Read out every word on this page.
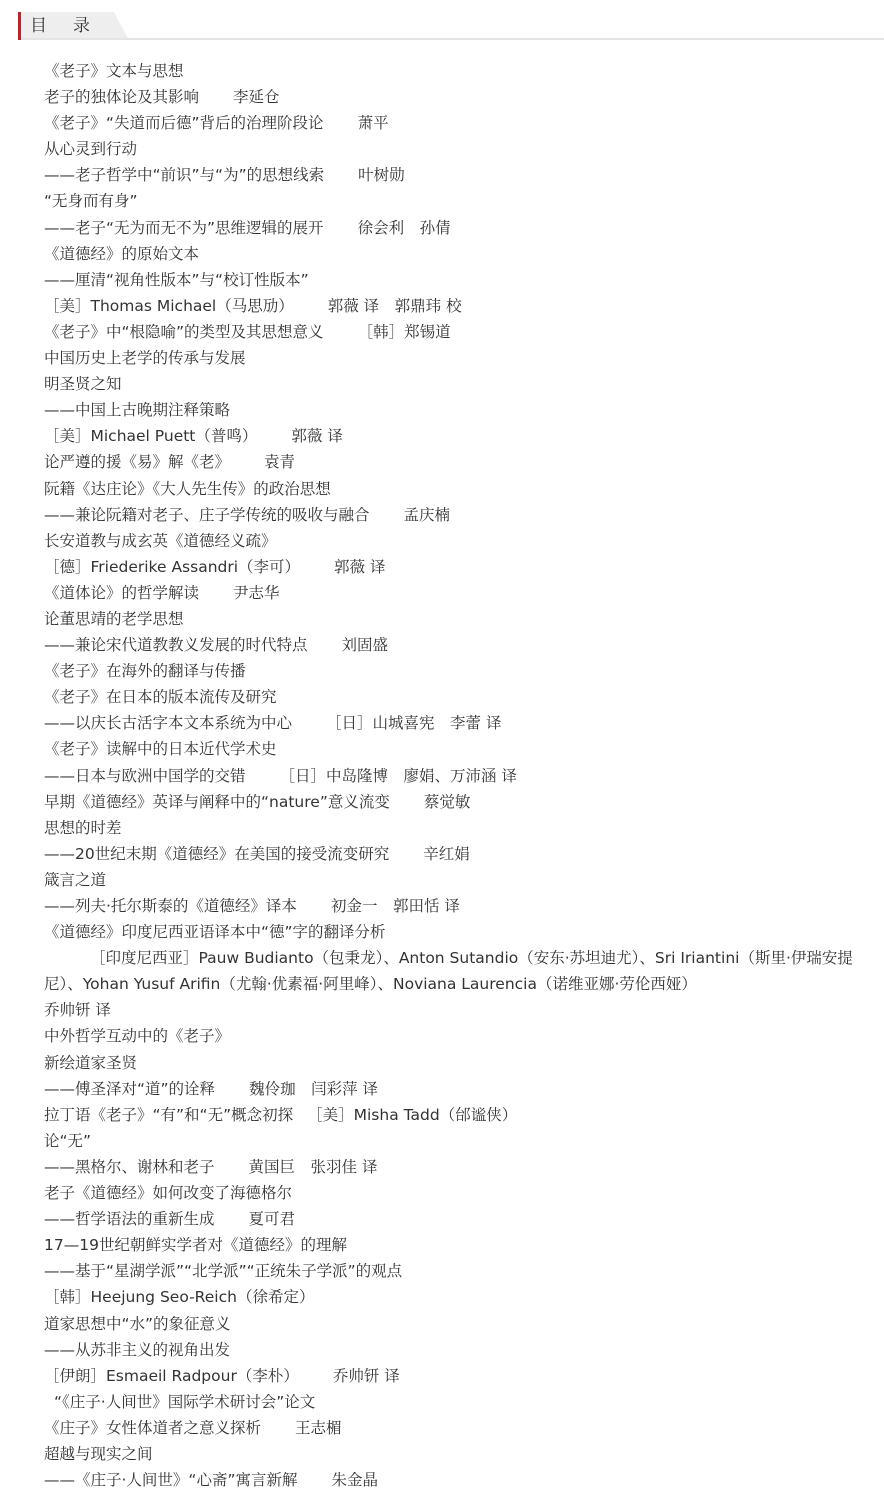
目录
《老子》文本与思想
老子的独体论及其影响 李延仓
《老子》“失道而后德”背后的治理阶段论 萧平
从心灵到行动
——老子哲学中“前识”与“为”的思想线索 叶树勋
“无身而有身”
——老子“无为而无不为”思维逻辑的展开 徐会利　孙倩
《道德经》的原始文本
——厘清“视角性版本”与“校订性版本”
［美］Thomas Michael（马思劢） 郭薇 译　郭鼎玮 校
《老子》中“根隐喻”的类型及其思想意义 ［韩］郑锡道
中国历史上老学的传承与发展
明圣贤之知
——中国上古晚期注释策略
［美］Michael Puett（普鸣） 郭薇 译
论严遵的援《易》解《老》 袁青
阮籍《达庄论》《大人先生传》的政治思想
——兼论阮籍对老子、庄子学传统的吸收与融合 孟庆楠
长安道教与成玄英《道德经义疏》
［德］Friederike Assandri（李可） 郭薇 译
《道体论》的哲学解读 尹志华
论董思靖的老学思想
——兼论宋代道教教义发展的时代特点 刘固盛
《老子》在海外的翻译与传播
《老子》在日本的版本流传及研究
——以庆长古活字本文本系统为中心 ［日］山城喜宪　李蕾 译
《老子》读解中的日本近代学术史
——日本与欧洲中国学的交错 ［日］中岛隆博　廖娟、万沛涵 译
早期《道德经》英译与阐释中的“nature”意义流变 蔡觉敏
思想的时差
——20世纪末期《道德经》在美国的接受流变研究 辛红娟
箴言之道
——列夫·托尔斯泰的《道德经》译本 初金一　郭田恬 译
《道德经》印度尼西亚语译本中“德”字的翻译分析
［印度尼西亚］Pauw Budianto（包秉龙）、Anton Sutandio（安东·苏坦迪尤）、Sri Iriantini（斯里·伊瑞安提尼）、Yohan Yusuf Arifin（尤翰·优素福·阿里峰）、Noviana Laurencia（诺维亚娜·劳伦西娅）
乔帅钘 译
中外哲学互动中的《老子》
新绘道家圣贤
——傅圣泽对“道”的诠释 魏伶珈　闫彩萍 译
拉丁语《老子》“有”和“无”概念初探 ［美］Misha Tadd（邰谧侠）
论“无”
——黑格尔、谢林和老子 黄国巨　张羽佳 译
老子《道德经》如何改变了海德格尔
——哲学语法的重新生成 夏可君
17—19世纪朝鲜实学者对《道德经》的理解
——基于“星湖学派”“北学派”“正统朱子学派”的观点
［韩］Heejung Seo-Reich（徐希定）
道家思想中“水”的象征意义
——从苏非主义的视角出发
［伊朗］Esmaeil Radpour（李朴） 乔帅钘 译
“《庄子·人间世》国际学术研讨会”论文
《庄子》女性体道者之意义探析 王志楣
超越与现实之间
——《庄子·人间世》“心斋”寓言新解 朱金晶
